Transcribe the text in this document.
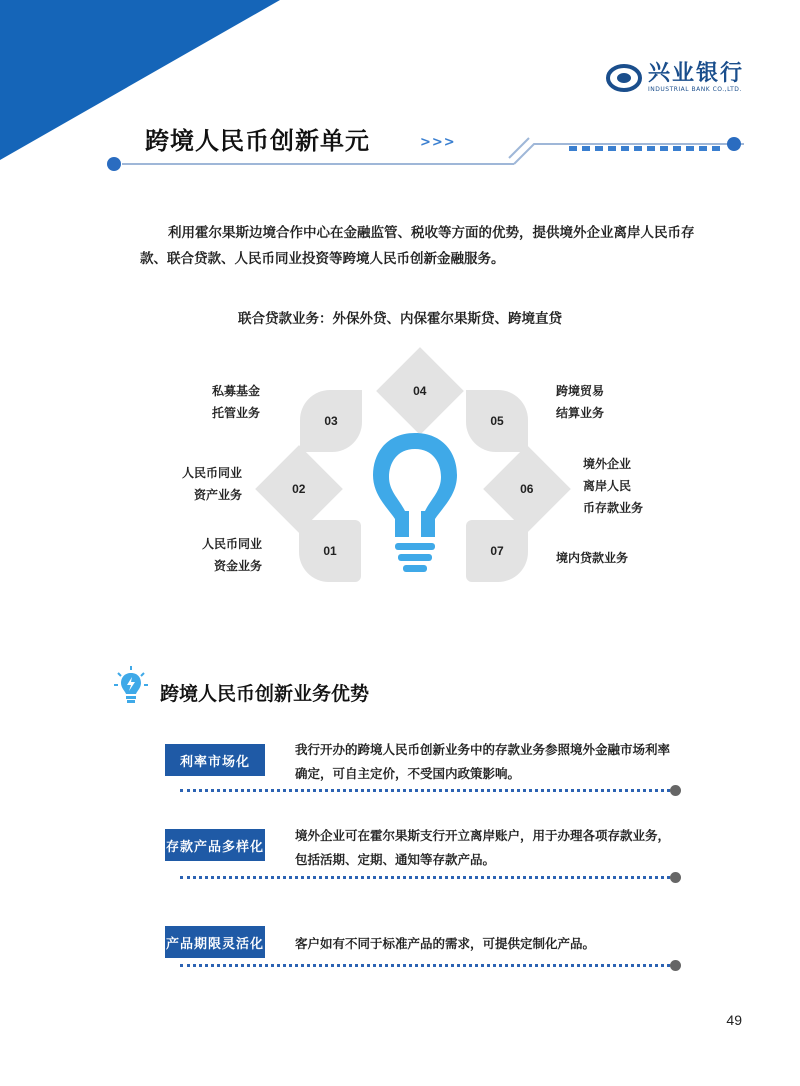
兴业银行
INDUSTRIAL BANK CO.,LTD.
跨境人民币创新单元	>>>
利用霍尔果斯边境合作中心在金融监管、税收等方面的优势，提供境外企业离岸人民币存款、联合贷款、人民币同业投资等跨境人民币创新金融服务。
联合贷款业务：外保外贷、内保霍尔果斯贷、跨境直贷
04
03	05
02	06
01	07
私募基金
托管业务
人民币同业
资产业务
人民币同业
资金业务
跨境贸易
结算业务
境外企业
离岸人民
币存款业务
境内贷款业务
跨境人民币创新业务优势
利率市场化
我行开办的跨境人民币创新业务中的存款业务参照境外金融市场利率确定，可自主定价，不受国内政策影响。
存款产品多样化
境外企业可在霍尔果斯支行开立离岸账户，用于办理各项存款业务，包括活期、定期、通知等存款产品。
产品期限灵活化 客户如有不同于标准产品的需求，可提供定制化产品。
49
